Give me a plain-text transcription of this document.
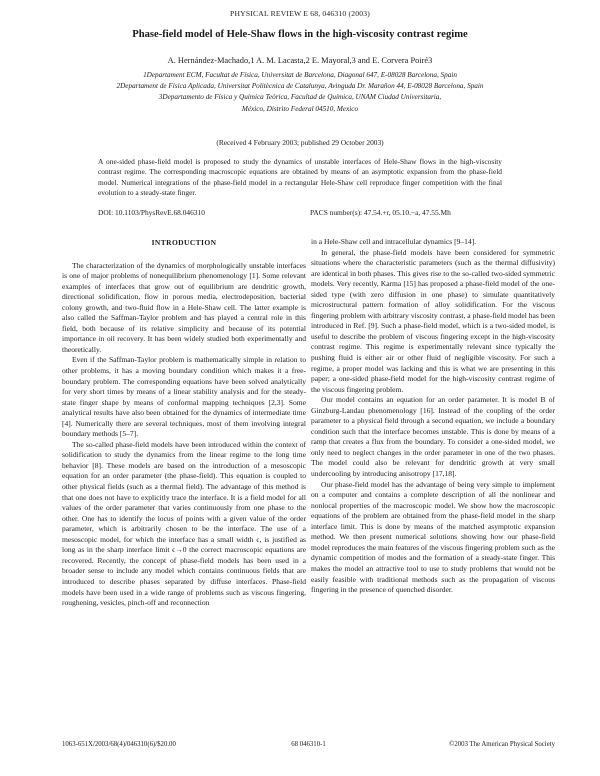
PHYSICAL REVIEW E 68, 046310 (2003)
Phase-field model of Hele-Shaw flows in the high-viscosity contrast regime
A. Hernández-Machado,1 A. M. Lacasta,2 E. Mayoral,3 and E. Corvera Poiré3
1Departament ECM, Facultat de Física, Universitat de Barcelona, Diagonal 647, E-08028 Barcelona, Spain
2Departament de Física Aplicada, Universitat Politècnica de Catalunya, Avinguda Dr. Marañon 44, E-08028 Barcelona, Spain
3Departamento de Física y Química Teórica, Facultad de Química, UNAM Ciudad Universitaria,
México, Distrito Federal 04510, Mexico
(Received 4 February 2003; published 29 October 2003)
A one-sided phase-field model is proposed to study the dynamics of unstable interfaces of Hele-Shaw flows in the high-viscosity contrast regime. The corresponding macroscopic equations are obtained by means of an asymptotic expansion from the phase-field model. Numerical integrations of the phase-field model in a rectangular Hele-Shaw cell reproduce finger competition with the final evolution to a steady-state finger.
DOI: 10.1103/PhysRevE.68.046310	PACS number(s): 47.54.+r, 05.10.−a, 47.55.Mh
INTRODUCTION

The characterization of the dynamics of morphologically unstable interfaces is one of major problems of nonequilibrium phenomenology [1]. Some relevant examples of interfaces that grow out of equilibrium are dendritic growth, directional solidification, flow in porous media, electrodeposition, bacterial colony growth, and two-fluid flow in a Hele-Shaw cell. The latter example is also called the Saffman-Taylor problem and has played a central role in this field, both because of its relative simplicity and because of its potential importance in oil recovery. It has been widely studied both experimentally and theoretically.

Even if the Saffman-Taylor problem is mathematically simple in relation to other problems, it has a moving boundary condition which makes it a free-boundary problem. The corresponding equations have been solved analytically for very short times by means of a linear stability analysis and for the steady-state finger shape by means of conformal mapping techniques [2,3]. Some analytical results have also been obtained for the dynamics of intermediate time [4]. Numerically there are several techniques, most of them involving integral boundary methods [5–7].

The so-called phase-field models have been introduced within the context of solidification to study the dynamics from the linear regime to the long time behavior [8]. These models are based on the introduction of a mesoscopic equation for an order parameter (the phase-field). This equation is coupled to other physical fields (such as a thermal field). The advantage of this method is that one does not have to explicitly trace the interface. It is a field model for all values of the order parameter that varies continuously from one phase to the other. One has to identify the locus of points with a given value of the order parameter, which is arbitrarily chosen to be the interface. The use of a mesoscopic model, for which the interface has a small width ϵ, is justified as long as in the sharp interface limit ϵ→0 the correct macroscopic equations are recovered. Recently, the concept of phase-field models has been used in a broader sense to include any model which contains continuous fields that are introduced to describe phases separated by diffuse interfaces. Phase-field models have been used in a wide range of problems such as viscous fingering, roughening, vesicles, pinch-off and reconnection

in a Hele-Shaw cell and intracellular dynamics [9–14].

In general, the phase-field models have been considered for symmetric situations where the characteristic parameters (such as the thermal diffusivity) are identical in both phases. This gives rise to the so-called two-sided symmetric models. Very recently, Karma [15] has proposed a phase-field model of the one-sided type (with zero diffusion in one phase) to simulate quantitatively microstructural pattern formation of alloy solidification. For the viscous fingering problem with arbitrary viscosity contrast, a phase-field model has been introduced in Ref. [9]. Such a phase-field model, which is a two-sided model, is useful to describe the problem of viscous fingering except in the high-viscosity contrast regime. This regime is experimentally relevant since typically the pushing fluid is either air or other fluid of negligible viscosity. For such a regime, a proper model was lacking and this is what we are presenting in this paper; a one-sided phase-field model for the high-viscosity contrast regime of the viscous fingering problem.

Our model contains an equation for an order parameter. It is model B of Ginzburg-Landau phenomenology [16]. Instead of the coupling of the order parameter to a physical field through a second equation, we include a boundary condition such that the interface becomes unstable. This is done by means of a ramp that creates a flux from the boundary. To consider a one-sided model, we only need to neglect changes in the order parameter in one of the two phases. The model could also be relevant for dendritic growth at very small undercooling by introducing anisotropy [17,18].

Our phase-field model has the advantage of being very simple to implement on a computer and contains a complete description of all the nonlinear and nonlocal properties of the macroscopic model. We show how the macroscopic equations of the problem are obtained from the phase-field model in the sharp interface limit. This is done by means of the matched asymptotic expansion method. We then present numerical solutions showing how our phase-field model reproduces the main features of the viscous fingering problem such as the dynamic competition of modes and the formation of a steady-state finger. This makes the model an attractive tool to use to study problems that would not be easily feasible with traditional methods such as the propagation of viscous fingering in the presence of quenched disorder.

1063-651X/2003/68(4)/046310(6)/$20.00	68 046310-1	©2003 The American Physical Society
